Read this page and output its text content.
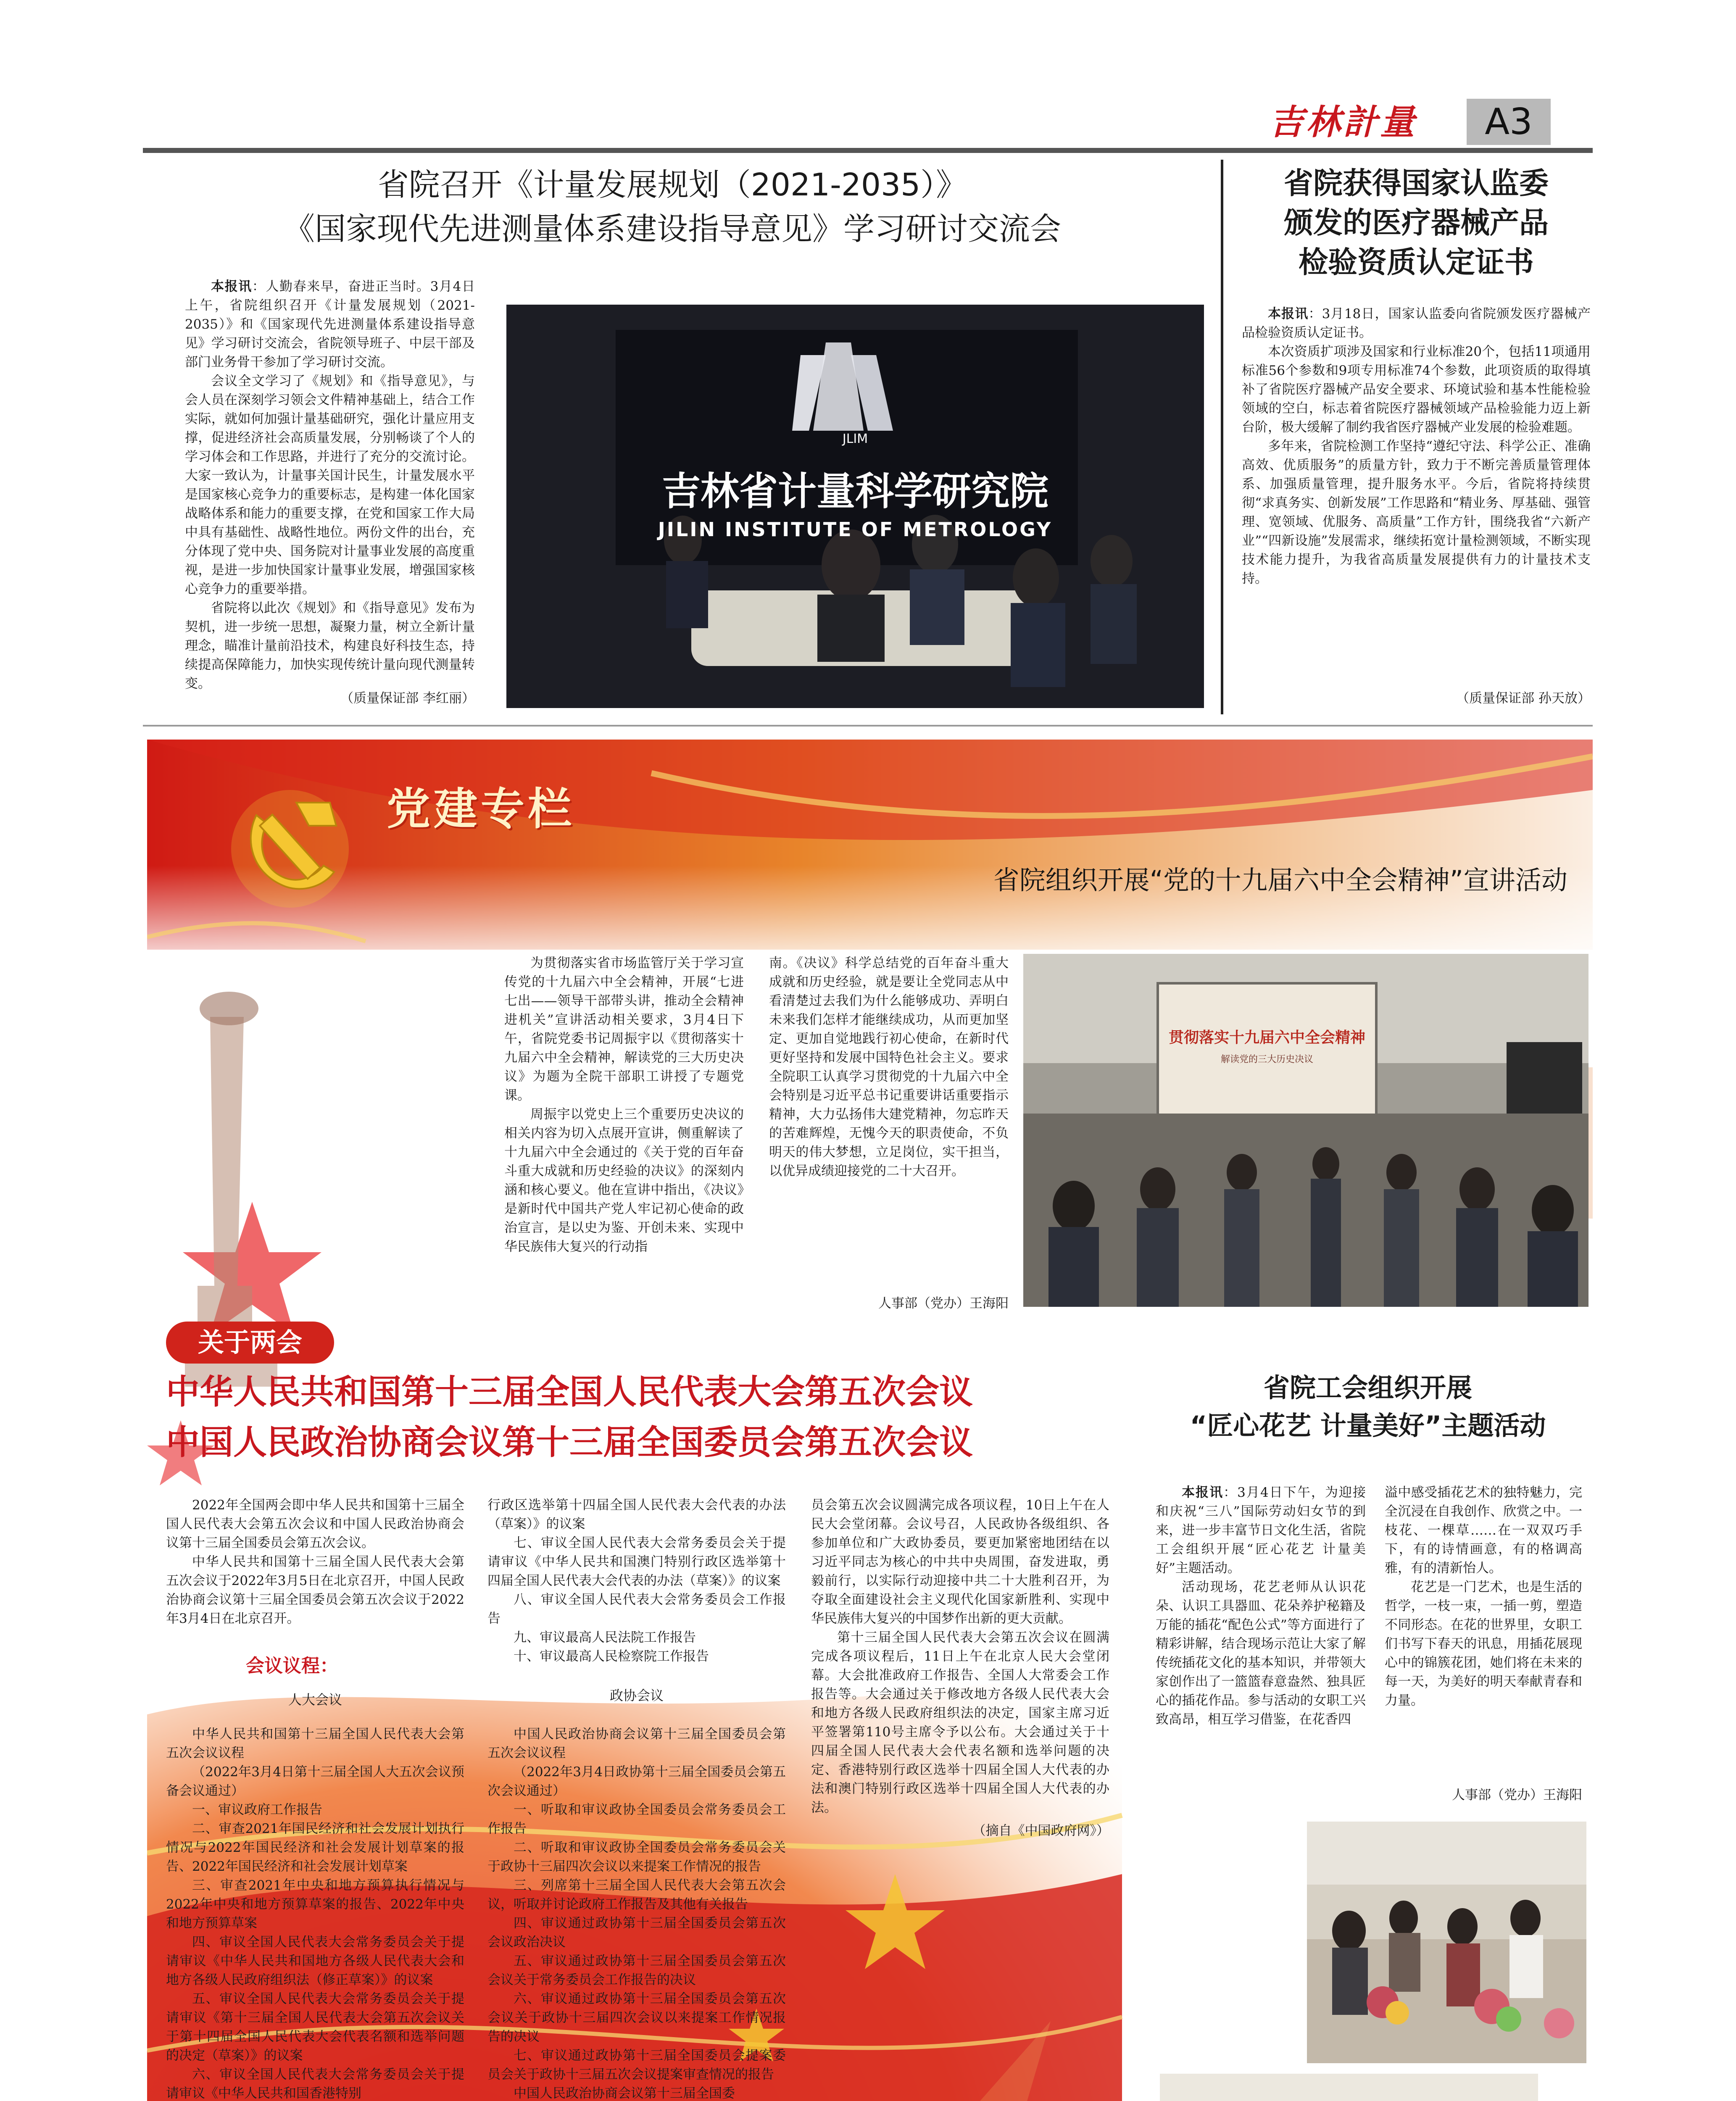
吉林計量	A3
省院召开《计量发展规划（2021-2035）》
《国家现代先进测量体系建设指导意见》学习研讨交流会
本报讯：人勤春来早，奋进正当时。3月4日上午，省院组织召开《计量发展规划（2021-2035）》和《国家现代先进测量体系建设指导意见》学习研讨交流会，省院领导班子、中层干部及部门业务骨干参加了学习研讨交流。
会议全文学习了《规划》和《指导意见》，与会人员在深刻学习领会文件精神基础上，结合工作实际，就如何加强计量基础研究，强化计量应用支撑，促进经济社会高质量发展，分别畅谈了个人的学习体会和工作思路，并进行了充分的交流讨论。大家一致认为，计量事关国计民生，计量发展水平是国家核心竞争力的重要标志，是构建一体化国家战略体系和能力的重要支撑，在党和国家工作大局中具有基础性、战略性地位。两份文件的出台，充分体现了党中央、国务院对计量事业发展的高度重视，是进一步加快国家计量事业发展，增强国家核心竞争力的重要举措。
省院将以此次《规划》和《指导意见》发布为契机，进一步统一思想，凝聚力量，树立全新计量理念，瞄准计量前沿技术，构建良好科技生态，持续提高保障能力，加快实现传统计量向现代测量转变。
（质量保证部 李红丽）
JLIM
吉林省计量科学研究院
JILIN INSTITUTE OF METROLOGY
省院获得国家认监委
颁发的医疗器械产品
检验资质认定证书
本报讯：3月18日，国家认监委向省院颁发医疗器械产品检验资质认定证书。
本次资质扩项涉及国家和行业标准20个，包括11项通用标准56个参数和9项专用标准74个参数，此项资质的取得填补了省院医疗器械产品安全要求、环境试验和基本性能检验领域的空白，标志着省院医疗器械领域产品检验能力迈上新台阶，极大缓解了制约我省医疗器械产业发展的检验难题。
多年来，省院检测工作坚持“遵纪守法、科学公正、准确高效、优质服务”的质量方针，致力于不断完善质量管理体系、加强质量管理，提升服务水平。今后，省院将持续贯彻“求真务实、创新发展”工作思路和“精业务、厚基础、强管理、宽领域、优服务、高质量”工作方针，围绕我省“六新产业”“四新设施”发展需求，继续拓宽计量检测领域，不断实现技术能力提升，为我省高质量发展提供有力的计量技术支持。
（质量保证部 孙天放）
党建专栏
省院组织开展“党的十九届六中全会精神”宣讲活动
为贯彻落实省市场监管厅关于学习宣传党的十九届六中全会精神，开展“七进七出——领导干部带头讲，推动全会精神进机关”宣讲活动相关要求，3月4日下午，省院党委书记周振宇以《贯彻落实十九届六中全会精神，解读党的三大历史决议》为题为全院干部职工讲授了专题党课。
周振宇以党史上三个重要历史决议的相关内容为切入点展开宣讲，侧重解读了十九届六中全会通过的《关于党的百年奋斗重大成就和历史经验的决议》的深刻内涵和核心要义。他在宣讲中指出，《决议》是新时代中国共产党人牢记初心使命的政治宣言，是以史为鉴、开创未来、实现中华民族伟大复兴的行动指
南。《决议》科学总结党的百年奋斗重大成就和历史经验，就是要让全党同志从中看清楚过去我们为什么能够成功、弄明白未来我们怎样才能继续成功，从而更加坚定、更加自觉地践行初心使命，在新时代更好坚持和发展中国特色社会主义。要求全院职工认真学习贯彻党的十九届六中全会特别是习近平总书记重要讲话重要指示精神，大力弘扬伟大建党精神，勿忘昨天的苦难辉煌，无愧今天的职责使命，不负明天的伟大梦想，立足岗位，实干担当，以优异成绩迎接党的二十大召开。
人事部（党办）王海阳
贯彻落实十九届六中全会精神
解读党的三大历史决议
关于两会
中华人民共和国第十三届全国人民代表大会第五次会议
中国人民政治协商会议第十三届全国委员会第五次会议
2022年全国两会即中华人民共和国第十三届全国人民代表大会第五次会议和中国人民政治协商会议第十三届全国委员会第五次会议。
中华人民共和国第十三届全国人民代表大会第五次会议于2022年3月5日在北京召开，中国人民政治协商会议第十三届全国委员会第五次会议于2022年3月4日在北京召开。
会议议程：
人大会议
中华人民共和国第十三届全国人民代表大会第五次会议议程
（2022年3月4日第十三届全国人大五次会议预备会议通过）
一、审议政府工作报告
二、审查2021年国民经济和社会发展计划执行情况与2022年国民经济和社会发展计划草案的报告、2022年国民经济和社会发展计划草案
三、审查2021年中央和地方预算执行情况与2022年中央和地方预算草案的报告、2022年中央和地方预算草案
四、审议全国人民代表大会常务委员会关于提请审议《中华人民共和国地方各级人民代表大会和地方各级人民政府组织法（修正草案）》的议案
五、审议全国人民代表大会常务委员会关于提请审议《第十三届全国人民代表大会第五次会议关于第十四届全国人民代表大会代表名额和选举问题的决定（草案）》的议案
六、审议全国人民代表大会常务委员会关于提请审议《中华人民共和国香港特别
行政区选举第十四届全国人民代表大会代表的办法（草案）》的议案
七、审议全国人民代表大会常务委员会关于提请审议《中华人民共和国澳门特别行政区选举第十四届全国人民代表大会代表的办法（草案）》的议案
八、审议全国人民代表大会常务委员会工作报告
九、审议最高人民法院工作报告
十、审议最高人民检察院工作报告
政协会议
中国人民政治协商会议第十三届全国委员会第五次会议议程
（2022年3月4日政协第十三届全国委员会第五次会议通过）
一、听取和审议政协全国委员会常务委员会工作报告
二、听取和审议政协全国委员会常务委员会关于政协十三届四次会议以来提案工作情况的报告
三、列席第十三届全国人民代表大会第五次会议，听取并讨论政府工作报告及其他有关报告
四、审议通过政协第十三届全国委员会第五次会议政治决议
五、审议通过政协第十三届全国委员会第五次会议关于常务委员会工作报告的决议
六、审议通过政协第十三届全国委员会第五次会议关于政协十三届四次会议以来提案工作情况报告的决议
七、审议通过政协第十三届全国委员会提案委员会关于政协十三届五次会议提案审查情况的报告
中国人民政治协商会议第十三届全国委
员会第五次会议圆满完成各项议程，10日上午在人民大会堂闭幕。会议号召，人民政协各级组织、各参加单位和广大政协委员，要更加紧密地团结在以习近平同志为核心的中共中央周围，奋发进取，勇毅前行，以实际行动迎接中共二十大胜利召开，为夺取全面建设社会主义现代化国家新胜利、实现中华民族伟大复兴的中国梦作出新的更大贡献。
第十三届全国人民代表大会第五次会议在圆满完成各项议程后，11日上午在北京人民大会堂闭幕。大会批准政府工作报告、全国人大常委会工作报告等。大会通过关于修改地方各级人民代表大会和地方各级人民政府组织法的决定，国家主席习近平签署第110号主席令予以公布。大会通过关于十四届全国人民代表大会代表名额和选举问题的决定、香港特别行政区选举十四届全国人大代表的办法和澳门特别行政区选举十四届全国人大代表的办法。
（摘自《中国政府网》）
省院工会组织开展
“匠心花艺 计量美好”主题活动
本报讯：3月4日下午，为迎接和庆祝“三八”国际劳动妇女节的到来，进一步丰富节日文化生活，省院工会组织开展“匠心花艺 计量美好”主题活动。
活动现场，花艺老师从认识花朵、认识工具器皿、花朵养护秘籍及万能的插花“配色公式”等方面进行了精彩讲解，结合现场示范让大家了解传统插花文化的基本知识，并带领大家创作出了一篮篮春意盎然、独具匠心的插花作品。参与活动的女职工兴致高昂，相互学习借鉴，在花香四
溢中感受插花艺术的独特魅力，完全沉浸在自我创作、欣赏之中。一枝花、一棵草……在一双双巧手下，有的诗情画意，有的格调高雅，有的清新怡人。
花艺是一门艺术，也是生活的哲学，一枝一束，一插一剪，塑造不同形态。在花的世界里，女职工们书写下春天的讯息，用插花展现心中的锦簇花团，她们将在未来的每一天，为美好的明天奉献青春和力量。
人事部（党办）王海阳
